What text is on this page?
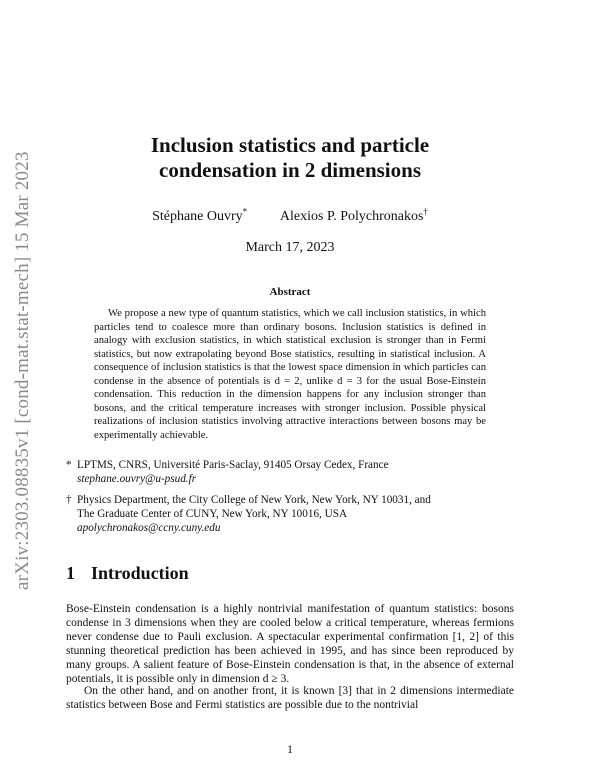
arXiv:2303.08835v1 [cond-mat.stat-mech] 15 Mar 2023
Inclusion statistics and particle
condensation in 2 dimensions
Stéphane Ouvry* Alexios P. Polychronakos†
March 17, 2023
Abstract

We propose a new type of quantum statistics, which we call inclusion statistics, in which particles tend to coalesce more than ordinary bosons. Inclusion statistics is defined in analogy with exclusion statistics, in which statistical exclusion is stronger than in Fermi statistics, but now extrapolating beyond Bose statistics, resulting in statistical inclusion. A consequence of inclusion statistics is that the lowest space dimension in which particles can condense in the absence of potentials is d = 2, unlike d = 3 for the usual Bose-Einstein condensation. This reduction in the dimension happens for any inclusion stronger than bosons, and the critical temperature increases with stronger inclusion. Possible physical realizations of inclusion statistics involving attractive interactions between bosons may be experimentally achievable.

* LPTMS, CNRS, Université Paris-Saclay, 91405 Orsay Cedex, France
stephane.ouvry@u-psud.fr
† Physics Department, the City College of New York, New York, NY 10031, and
The Graduate Center of CUNY, New York, NY 10016, USA
apolychronakos@ccny.cuny.edu
1 Introduction

Bose-Einstein condensation is a highly nontrivial manifestation of quantum statistics: bosons condense in 3 dimensions when they are cooled below a critical temperature, whereas fermions never condense due to Pauli exclusion. A spectacular experimental confirmation [1, 2] of this stunning theoretical prediction has been achieved in 1995, and has since been reproduced by many groups. A salient feature of Bose-Einstein condensation is that, in the absence of external potentials, it is possible only in dimension d ≥ 3.

On the other hand, and on another front, it is known [3] that in 2 dimensions intermediate statistics between Bose and Fermi statistics are possible due to the nontrivial

1
